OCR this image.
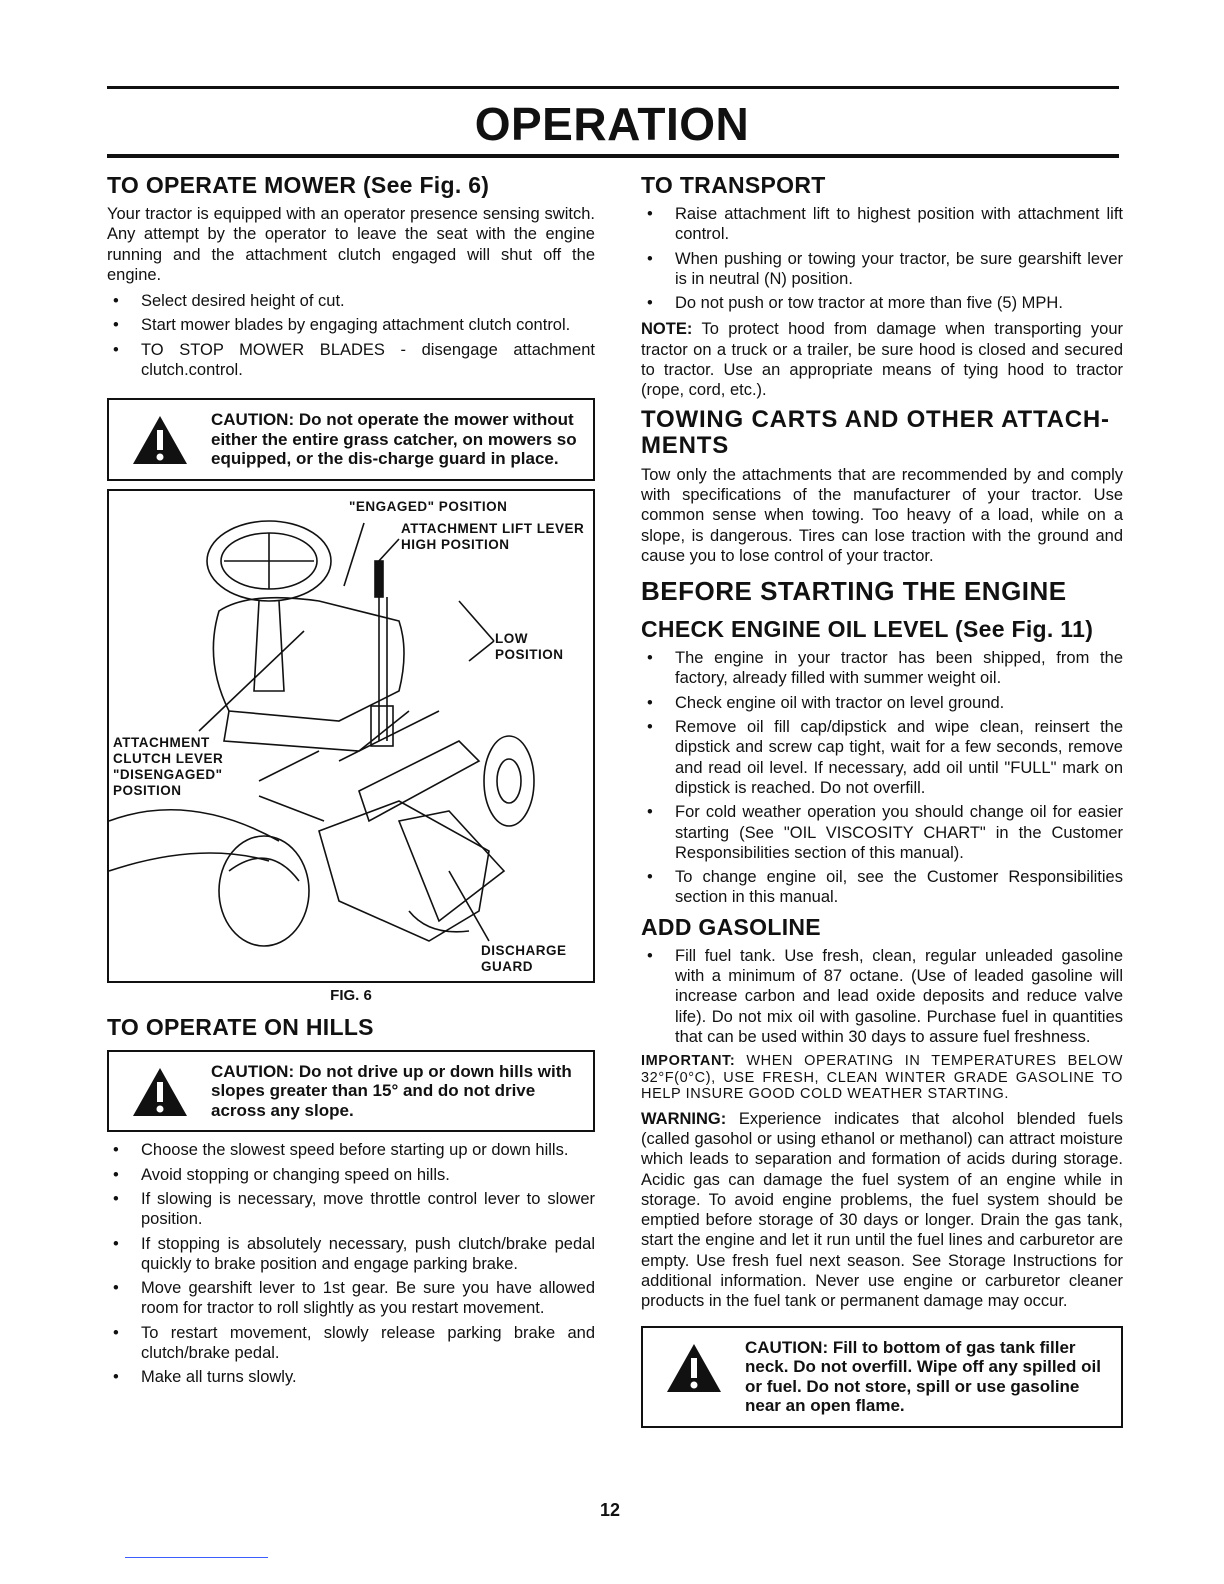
OPERATION
TO OPERATE MOWER (See Fig. 6)

Your tractor is equipped with an operator presence sensing switch. Any attempt by the operator to leave the seat with the engine running and the attachment clutch engaged will shut off the engine.

• Select desired height of cut.
• Start mower blades by engaging attachment clutch control.
• TO STOP MOWER BLADES - disengage attachment clutch.control.
CAUTION: Do not operate the mower without either the entire grass catcher, on mowers so equipped, or the dis-charge guard in place.
"ENGAGED" POSITION
ATTACHMENT LIFT LEVER HIGH POSITION
LOW POSITION
ATTACHMENT CLUTCH LEVER "DISENGAGED" POSITION
DISCHARGE GUARD
FIG. 6
TO OPERATE ON HILLS
CAUTION: Do not drive up or down hills with slopes greater than 15° and do not drive across any slope.
• Choose the slowest speed before starting up or down hills.
• Avoid stopping or changing speed on hills.
• If slowing is necessary, move throttle control lever to slower position.
• If stopping is absolutely necessary, push clutch/brake pedal quickly to brake position and engage parking brake.
• Move gearshift lever to 1st gear. Be sure you have allowed room for tractor to roll slightly as you restart movement.
• To restart movement, slowly release parking brake and clutch/brake pedal.
• Make all turns slowly.
TO TRANSPORT
• Raise attachment lift to highest position with attachment lift control.
• When pushing or towing your tractor, be sure gearshift lever is in neutral (N) position.
• Do not push or tow tractor at more than five (5) MPH.

NOTE: To protect hood from damage when transporting your tractor on a truck or a trailer, be sure hood is closed and secured to tractor. Use an appropriate means of tying hood to tractor (rope, cord, etc.).

TOWING CARTS AND OTHER ATTACH-MENTS

Tow only the attachments that are recommended by and comply with specifications of the manufacturer of your tractor. Use common sense when towing. Too heavy of a load, while on a slope, is dangerous. Tires can lose traction with the ground and cause you to lose control of your tractor.

BEFORE STARTING THE ENGINE
CHECK ENGINE OIL LEVEL (See Fig. 11)
• The engine in your tractor has been shipped, from the factory, already filled with summer weight oil.
• Check engine oil with tractor on level ground.
• Remove oil fill cap/dipstick and wipe clean, reinsert the dipstick and screw cap tight, wait for a few seconds, remove and read oil level. If necessary, add oil until "FULL" mark on dipstick is reached. Do not overfill.
• For cold weather operation you should change oil for easier starting (See "OIL VISCOSITY CHART" in the Customer Responsibilities section of this manual).
• To change engine oil, see the Customer Responsibilities section in this manual.
ADD GASOLINE
• Fill fuel tank. Use fresh, clean, regular unleaded gasoline with a minimum of 87 octane. (Use of leaded gasoline will increase carbon and lead oxide deposits and reduce valve life). Do not mix oil with gasoline. Purchase fuel in quantities that can be used within 30 days to assure fuel freshness.

IMPORTANT: WHEN OPERATING IN TEMPERATURES BELOW 32°F(0°C), USE FRESH, CLEAN WINTER GRADE GASOLINE TO HELP INSURE GOOD COLD WEATHER STARTING.

WARNING: Experience indicates that alcohol blended fuels (called gasohol or using ethanol or methanol) can attract moisture which leads to separation and formation of acids during storage. Acidic gas can damage the fuel system of an engine while in storage. To avoid engine problems, the fuel system should be emptied before storage of 30 days or longer. Drain the gas tank, start the engine and let it run until the fuel lines and carburetor are empty. Use fresh fuel next season. See Storage Instructions for additional information. Never use engine or carburetor cleaner products in the fuel tank or permanent damage may occur.

CAUTION: Fill to bottom of gas tank filler neck. Do not overfill. Wipe off any spilled oil or fuel. Do not store, spill or use gasoline near an open flame.
12
